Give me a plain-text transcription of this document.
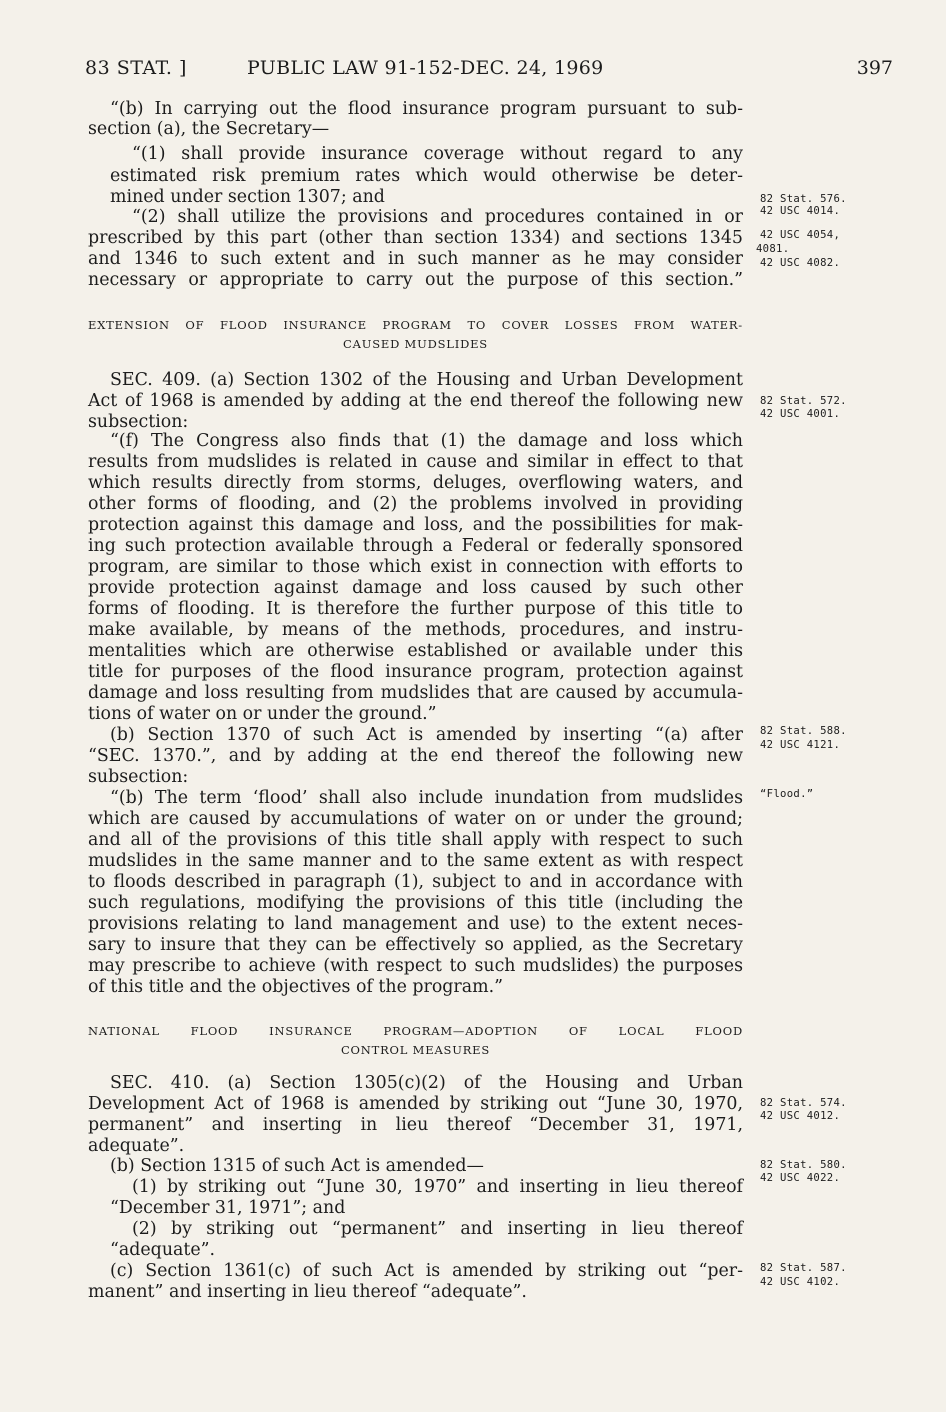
83 STAT. ]	PUBLIC LAW 91-152-DEC. 24, 1969	397
“(b) In carrying out the flood insurance program pursuant to sub-
section (a), the Secretary—
“(1) shall provide insurance coverage without regard to any
estimated risk premium rates which would otherwise be deter-
mined under section 1307; and
“(2) shall utilize the provisions and procedures contained in or
prescribed by this part (other than section 1334) and sections 1345
and 1346 to such extent and in such manner as he may consider
necessary or appropriate to carry out the purpose of this section.”
EXTENSION OF FLOOD INSURANCE PROGRAM TO COVER LOSSES FROM WATER-
CAUSED MUDSLIDES
SEC. 409. (a) Section 1302 of the Housing and Urban Development
Act of 1968 is amended by adding at the end thereof the following new
subsection:
“(f) The Congress also finds that (1) the damage and loss which
results from mudslides is related in cause and similar in effect to that
which results directly from storms, deluges, overflowing waters, and
other forms of flooding, and (2) the problems involved in providing
protection against this damage and loss, and the possibilities for mak-
ing such protection available through a Federal or federally sponsored
program, are similar to those which exist in connection with efforts to
provide protection against damage and loss caused by such other
forms of flooding. It is therefore the further purpose of this title to
make available, by means of the methods, procedures, and instru-
mentalities which are otherwise established or available under this
title for purposes of the flood insurance program, protection against
damage and loss resulting from mudslides that are caused by accumula-
tions of water on or under the ground.”
(b) Section 1370 of such Act is amended by inserting “(a) after
“SEC. 1370.”, and by adding at the end thereof the following new
subsection:
“(b) The term ‘flood’ shall also include inundation from mudslides
which are caused by accumulations of water on or under the ground;
and all of the provisions of this title shall apply with respect to such
mudslides in the same manner and to the same extent as with respect
to floods described in paragraph (1), subject to and in accordance with
such regulations, modifying the provisions of this title (including the
provisions relating to land management and use) to the extent neces-
sary to insure that they can be effectively so applied, as the Secretary
may prescribe to achieve (with respect to such mudslides) the purposes
of this title and the objectives of the program.”
NATIONAL FLOOD INSURANCE PROGRAM—ADOPTION OF LOCAL FLOOD
CONTROL MEASURES
SEC. 410. (a) Section 1305(c)(2) of the Housing and Urban
Development Act of 1968 is amended by striking out “June 30, 1970,
permanent” and inserting in lieu thereof “December 31, 1971,
adequate”.
(b) Section 1315 of such Act is amended—
(1) by striking out “June 30, 1970” and inserting in lieu thereof
“December 31, 1971”; and
(2) by striking out “permanent” and inserting in lieu thereof
“adequate”.
(c) Section 1361(c) of such Act is amended by striking out “per-
manent” and inserting in lieu thereof “adequate”.
82 Stat. 576.
42 USC 4014.
42 USC 4054,
4081.
42 USC 4082.
82 Stat. 572.
42 USC 4001.
82 Stat. 588.
42 USC 4121.
“Flood.”
82 Stat. 574.
42 USC 4012.
82 Stat. 580.
42 USC 4022.
82 Stat. 587.
42 USC 4102.
